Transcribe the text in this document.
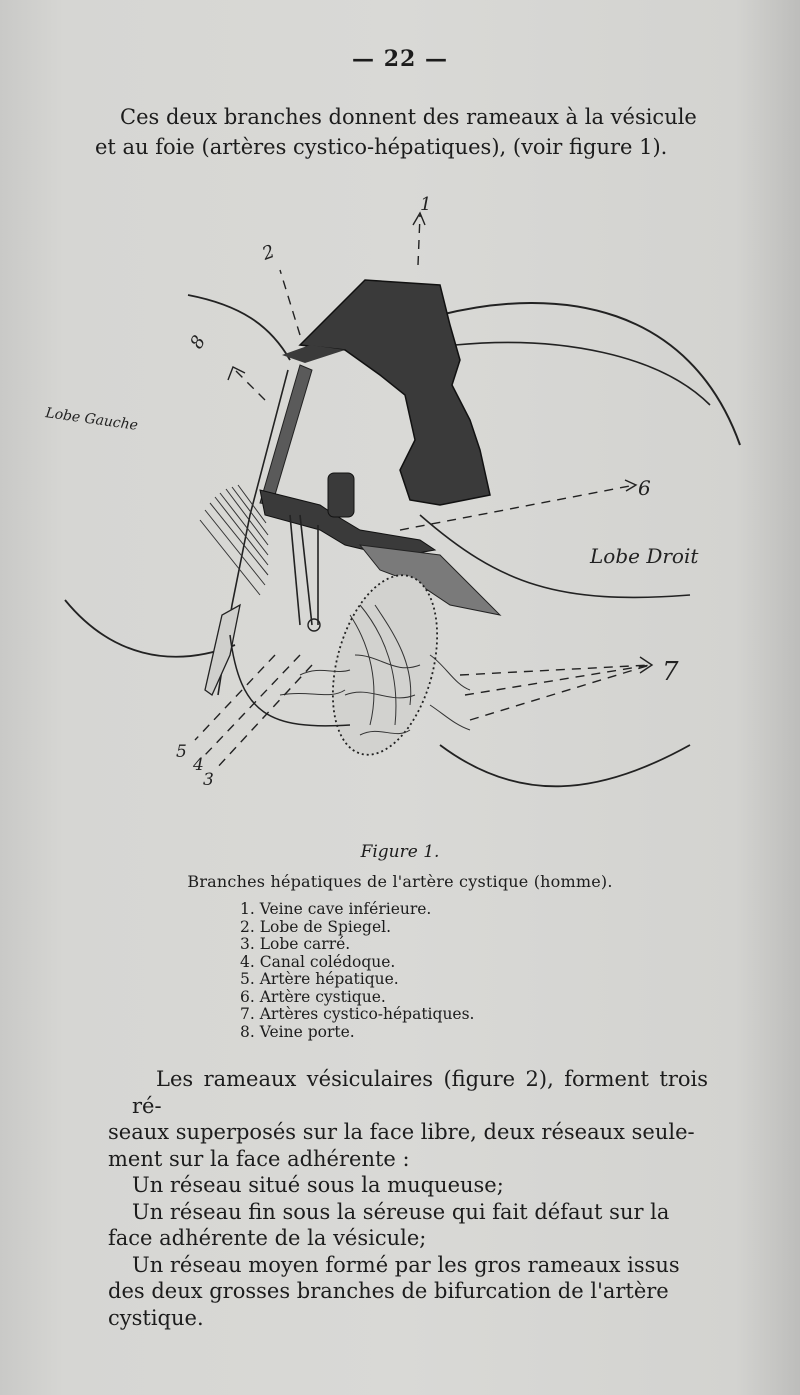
— 22 —
Ces deux branches donnent des rameaux à la vésicule
et au foie (artères cystico-hépatiques), (voir figure 1).
Lobe Gauche
Lobe Droit
1
2
8
6
7
5
4
3
Figure 1.
Branches hépatiques de l'artère cystique (homme).
1. Veine cave inférieure.
2. Lobe de Spiegel.
3. Lobe carré.
4. Canal colédoque.
5. Artère hépatique.
6. Artère cystique.
7. Artères cystico-hépatiques.
8. Veine porte.

Les rameaux vésiculaires (figure 2), forment trois ré-
seaux superposés sur la face libre, deux réseaux seule-
ment sur la face adhérente :

Un réseau situé sous la muqueuse;

Un réseau fin sous la séreuse qui fait défaut sur la
face adhérente de la vésicule;

Un réseau moyen formé par les gros rameaux issus
des deux grosses branches de bifurcation de l'artère
cystique.
